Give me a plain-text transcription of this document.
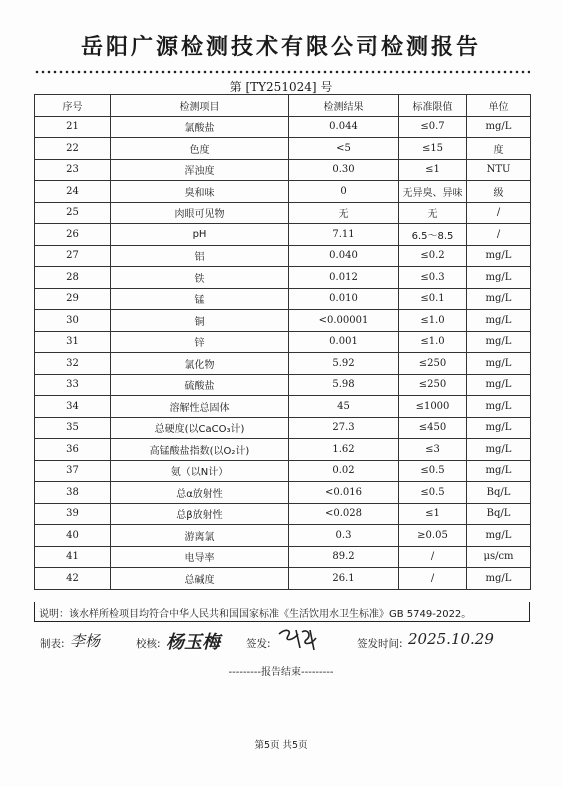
岳阳广源检测技术有限公司检测报告
第 [TY251024] 号
序号	检测项目	检测结果	标准限值	单位
21	氯酸盐	0.044	≤0.7	mg/L
22	色度	<5	≤15	度
23	浑浊度	0.30	≤1	NTU
24	臭和味	0	无异臭、异味	级
25	肉眼可见物	无	无	/
26	pH	7.11	6.5～8.5	/
27	铝	0.040	≤0.2	mg/L
28	铁	0.012	≤0.3	mg/L
29	锰	0.010	≤0.1	mg/L
30	铜	<0.00001	≤1.0	mg/L
31	锌	0.001	≤1.0	mg/L
32	氯化物	5.92	≤250	mg/L
33	硫酸盐	5.98	≤250	mg/L
34	溶解性总固体	45	≤1000	mg/L
35	总硬度(以CaCO₃计)	27.3	≤450	mg/L
36	高锰酸盐指数(以O₂计)	1.62	≤3	mg/L
37	氨（以N计）	0.02	≤0.5	mg/L
38	总α放射性	<0.016	≤0.5	Bq/L
39	总β放射性	<0.028	≤1	Bq/L
40	游离氯	0.3	≥0.05	mg/L
41	电导率	89.2	/	μs/cm
42	总碱度	26.1	/	mg/L
说明：该水样所检项目均符合中华人民共和国国家标准《生活饮用水卫生标准》GB 5749-2022。
制表: 李杨	校核: 杨玉梅 签发:	签发时间: 2025.10.29
---------报告结束---------
第5页 共5页
